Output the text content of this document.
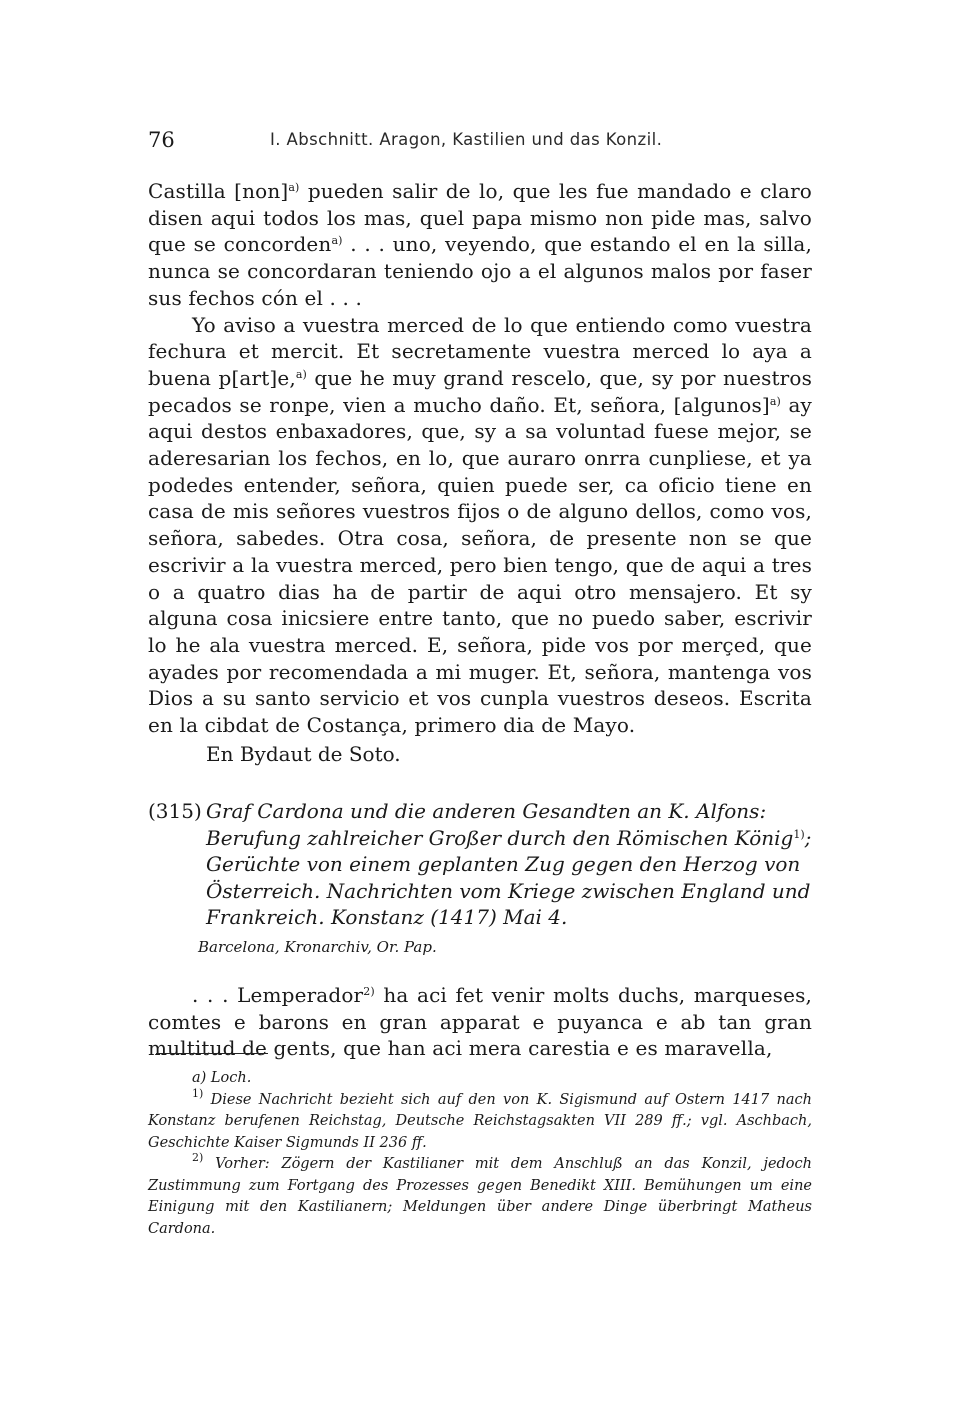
76	I. Abschnitt. Aragon, Kastilien und das Konzil.

Castilla [non]$^{a)}$ pueden salir de lo, que les fue mandado e claro disen aqui todos los mas, quel papa mismo non pide mas, salvo que se concorden$^{a)}$ . . . uno, veyendo, que estando el en la silla, nunca se concordaran teniendo ojo a el algunos malos por faser sus fechos cón el . . .

Yo aviso a vuestra merced de lo que entiendo como vuestra fechura et mercit. Et secretamente vuestra merced lo aya a buena p[art]e,$^{a)}$ que he muy grand rescelo, que, sy por nuestros pecados se ronpe, vien a mucho daño. Et, señora, [algunos]$^{a)}$ ay aqui destos enbaxadores, que, sy a sa voluntad fuese mejor, se aderesarian los fechos, en lo, que auraro onrra cunpliese, et ya podedes entender, señora, quien puede ser, ca oficio tiene en casa de mis señores vuestros fijos o de alguno dellos, como vos, señora, sabedes. Otra cosa, señora, de presente non se que escrivir a la vuestra merced, pero bien tengo, que de aqui a tres o a quatro dias ha de partir de aqui otro mensajero. Et sy alguna cosa inicsiere entre tanto, que no puedo saber, escrivir lo he ala vuestra merced. E, señora, pide vos por merçed, que ayades por recomendada a mi muger. Et, señora, mantenga vos Dios a su santo servicio et vos cunpla vuestros deseos. Escrita en la cibdat de Costança, primero dia de Mayo.

En Bydaut de Soto.
(315) Graf Cardona und die anderen Gesandten an K. Alfons: Berufung zahlreicher Großer durch den Römischen König$^{1)}$; Gerüchte von einem geplanten Zug gegen den Herzog von Österreich. Nachrichten vom Kriege zwischen England und Frankreich. Konstanz (1417) Mai 4.
Barcelona, Kronarchiv, Or. Pap.

. . . Lemperador$^{2)}$ ha aci fet venir molts duchs, marqueses, comtes e barons en gran apparat e puyanca e ab tan gran multitud de gents, que han aci mera carestia e es maravella,

a) Loch.

$^{1)}$ Diese Nachricht bezieht sich auf den von K. Sigismund auf Ostern 1417 nach Konstanz berufenen Reichstag, Deutsche Reichstagsakten VII 289 ff.; vgl. Aschbach, Geschichte Kaiser Sigmunds II 236 ff.

$^{2)}$ Vorher: Zögern der Kastilianer mit dem Anschluß an das Konzil, jedoch Zustimmung zum Fortgang des Prozesses gegen Benedikt XIII. Bemühungen um eine Einigung mit den Kastilianern; Meldungen über andere Dinge überbringt Matheus Cardona.
